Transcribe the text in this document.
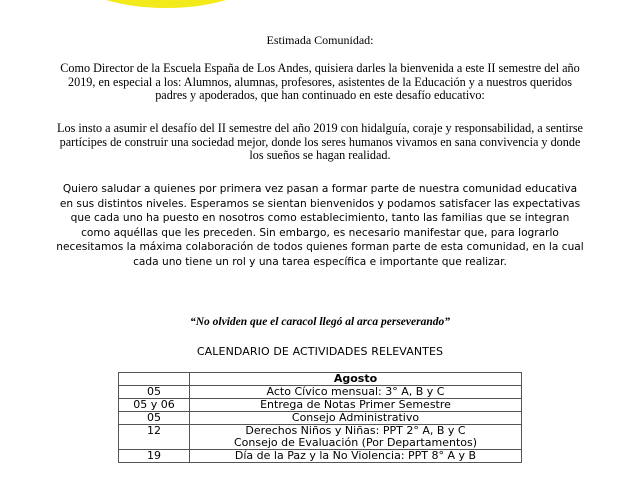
Estimada Comunidad:
Como Director de la Escuela España de Los Andes, quisiera darles la bienvenida a este II semestre del año 2019, en especial a los: Alumnos, alumnas, profesores, asistentes de la Educación y a nuestros queridos padres y apoderados, que han continuado en este desafío educativo:
Los insto a asumir el desafío del II semestre del año 2019 con hidalguía, coraje y responsabilidad, a sentirse partícipes de construir una sociedad mejor, donde los seres humanos vivamos en sana convivencia y donde los sueños se hagan realidad.
Quiero saludar a quienes por primera vez pasan a formar parte de nuestra comunidad educativa en sus distintos niveles. Esperamos se sientan bienvenidos y podamos satisfacer las expectativas que cada uno ha puesto en nosotros como establecimiento, tanto las familias que se integran como aquéllas que les preceden. Sin embargo, es necesario manifestar que, para lograrlo necesitamos la máxima colaboración de todos quienes forman parte de esta comunidad, en la cual cada uno tiene un rol y una tarea específica e importante que realizar.
“No olviden que el caracol llegó al arca perseverando”
CALENDARIO DE ACTIVIDADES RELEVANTES
	Agosto
05	Acto Cívico mensual: 3° A, B y C
05 y 06	Entrega de Notas Primer Semestre
05	Consejo Administrativo
12	Derechos Niños y Niñas: PPT 2° A, B y C
Consejo de Evaluación (Por Departamentos)
19	Día de la Paz y la No Violencia: PPT 8° A y B
